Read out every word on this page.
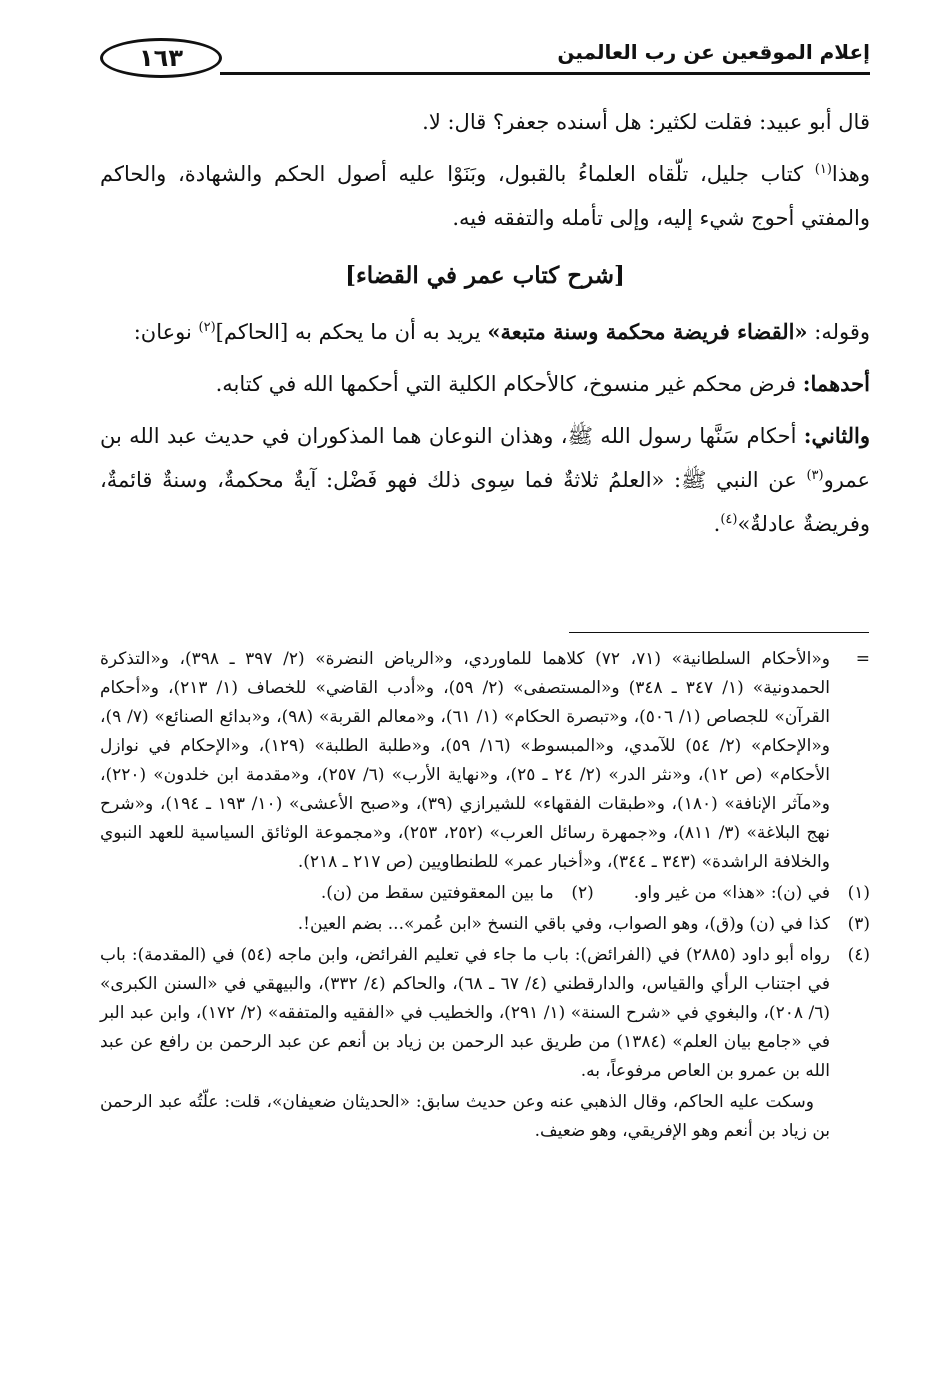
إعلام الموقعين عن رب العالمين
١٦٣

قال أبو عبيد: فقلت لكثير: هل أسنده جعفر؟ قال: لا.

وهذا$^{(١)}$ كتاب جليل، تلّقاه العلماءُ بالقبول، وبَنَوْا عليه أصول الحكم والشهادة، والحاكم والمفتي أحوج شيء إليه، وإلى تأمله والتفقه فيه.

[شرح كتاب عمر في القضاء]

وقوله: «القضاء فريضة محكمة وسنة متبعة» يريد به أن ما يحكم به [الحاكم]$^{(٢)}$ نوعان:

أحدهما: فرض محكم غير منسوخ، كالأحكام الكلية التي أحكمها الله في كتابه.

والثاني: أحكام سَنَّها رسول الله ﷺ، وهذان النوعان هما المذكوران في حديث عبد الله بن عمرو$^{(٣)}$ عن النبي ﷺ: «العلمُ ثلاثةٌ فما سِوى ذلك فهو فَضْل: آيةٌ محكمةٌ، وسنةٌ قائمةٌ، وفريضةٌ عادلةٌ»$^{(٤)}$.

=
و«الأحكام السلطانية» (٧١، ٧٢) كلاهما للماوردي، و«الرياض النضرة» (٢/ ٣٩٧ ـ ٣٩٨)، و«التذكرة الحمدونية» (١/ ٣٤٧ ـ ٣٤٨) و«المستصفى» (٢/ ٥٩)، و«أدب القاضي» للخصاف (١/ ٢١٣)، و«أحكام القرآن» للجصاص (١/ ٥٠٦)، و«تبصرة الحكام» (١/ ٦١)، و«معالم القربة» (٩٨)، و«بدائع الصنائع» (٧/ ٩)، و«الإحكام» (٢/ ٥٤) للآمدي، و«المبسوط» (١٦/ ٥٩)، و«طلبة الطلبة» (١٢٩)، و«الإحكام في نوازل الأحكام» (ص ١٢)، و«نثر الدر» (٢/ ٢٤ ـ ٢٥)، و«نهاية الأرب» (٦/ ٢٥٧)، و«مقدمة ابن خلدون» (٢٢٠)، و«مآثر الإنافة» (١٨٠)، و«طبقات الفقهاء» للشيرازي (٣٩)، و«صبح الأعشى» (١٠/ ١٩٣ ـ ١٩٤)، و«شرح نهج البلاغة» (٣/ ٨١١)، و«جمهرة رسائل العرب» (٢٥٢، ٢٥٣)، و«مجموعة الوثائق السياسية للعهد النبوي والخلافة الراشدة» (٣٤٣ ـ ٣٤٤)، و«أخبار عمر» للطنطاويين (ص ٢١٧ ـ ٢١٨).
(١)
في (ن): «هذا» من غير واو.
(٢)
ما بين المعقوفتين سقط من (ن).
(٣)
كذا في (ن) و(ق)، وهو الصواب، وفي باقي النسخ «ابن عُمر»... بضم العين!.
(٤)
رواه أبو داود (٢٨٨٥) في (الفرائض): باب ما جاء في تعليم الفرائض، وابن ماجه (٥٤) في (المقدمة): باب في اجتناب الرأي والقياس، والدارقطني (٤/ ٦٧ ـ ٦٨)، والحاكم (٤/ ٣٣٢)، والبيهقي في «السنن الكبرى» (٦/ ٢٠٨)، والبغوي في «شرح السنة» (١/ ٢٩١)، والخطيب في «الفقيه والمتفقه» (٢/ ١٧٢)، وابن عبد البر في «جامع بيان العلم» (١٣٨٤) من طريق عبد الرحمن بن زياد بن أنعم عن عبد الرحمن بن رافع عن عبد الله بن عمرو بن العاص مرفوعاً، به.
وسكت عليه الحاكم، وقال الذهبي عنه وعن حديث سابق: «الحديثان ضعيفان»، قلت: علّتُه عبد الرحمن بن زياد بن أنعم وهو الإفريقي، وهو ضعيف.
